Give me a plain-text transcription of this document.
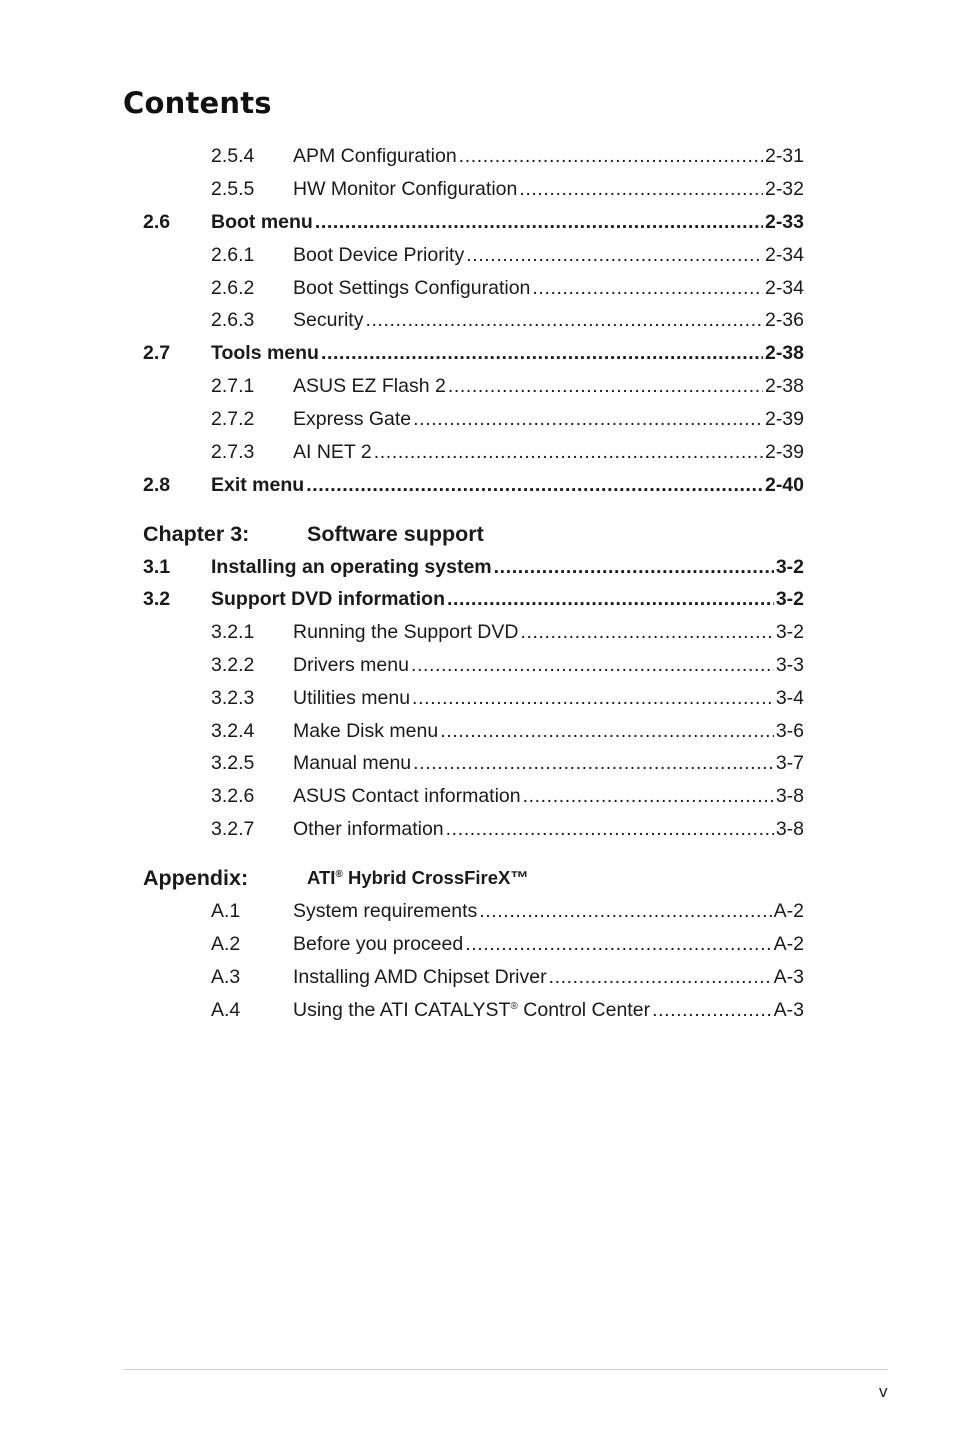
Contents
2.5.4 APM Configuration .....	2-31
2.5.5 HW Monitor Configuration .....	2-32
2.6 Boot menu .....	2-33
2.6.1 Boot Device Priority .....	2-34
2.6.2 Boot Settings Configuration .....	2-34
2.6.3 Security .....	2-36
2.7 Tools menu .....	2-38
2.7.1 ASUS EZ Flash 2 .....	2-38
2.7.2 Express Gate .....	2-39
2.7.3 AI NET 2 .....	2-39
2.8 Exit menu .....	2-40
Chapter 3:	Software support
3.1 Installing an operating system .....	3-2
3.2 Support DVD information .....	3-2
3.2.1 Running the Support DVD .....	3-2
3.2.2 Drivers menu .....	3-3
3.2.3 Utilities menu .....	3-4
3.2.4 Make Disk menu .....	3-6
3.2.5 Manual menu .....	3-7
3.2.6 ASUS Contact information .....	3-8
3.2.7 Other information .....	3-8
Appendix:	ATI® Hybrid CrossFireX™
A.1	System requirements .....	A-2
A.2	Before you proceed .....	A-2
A.3	Installing AMD Chipset Driver .....	A-3
A.4	Using the ATI CATALYST® Control Center .....	A-3
v
